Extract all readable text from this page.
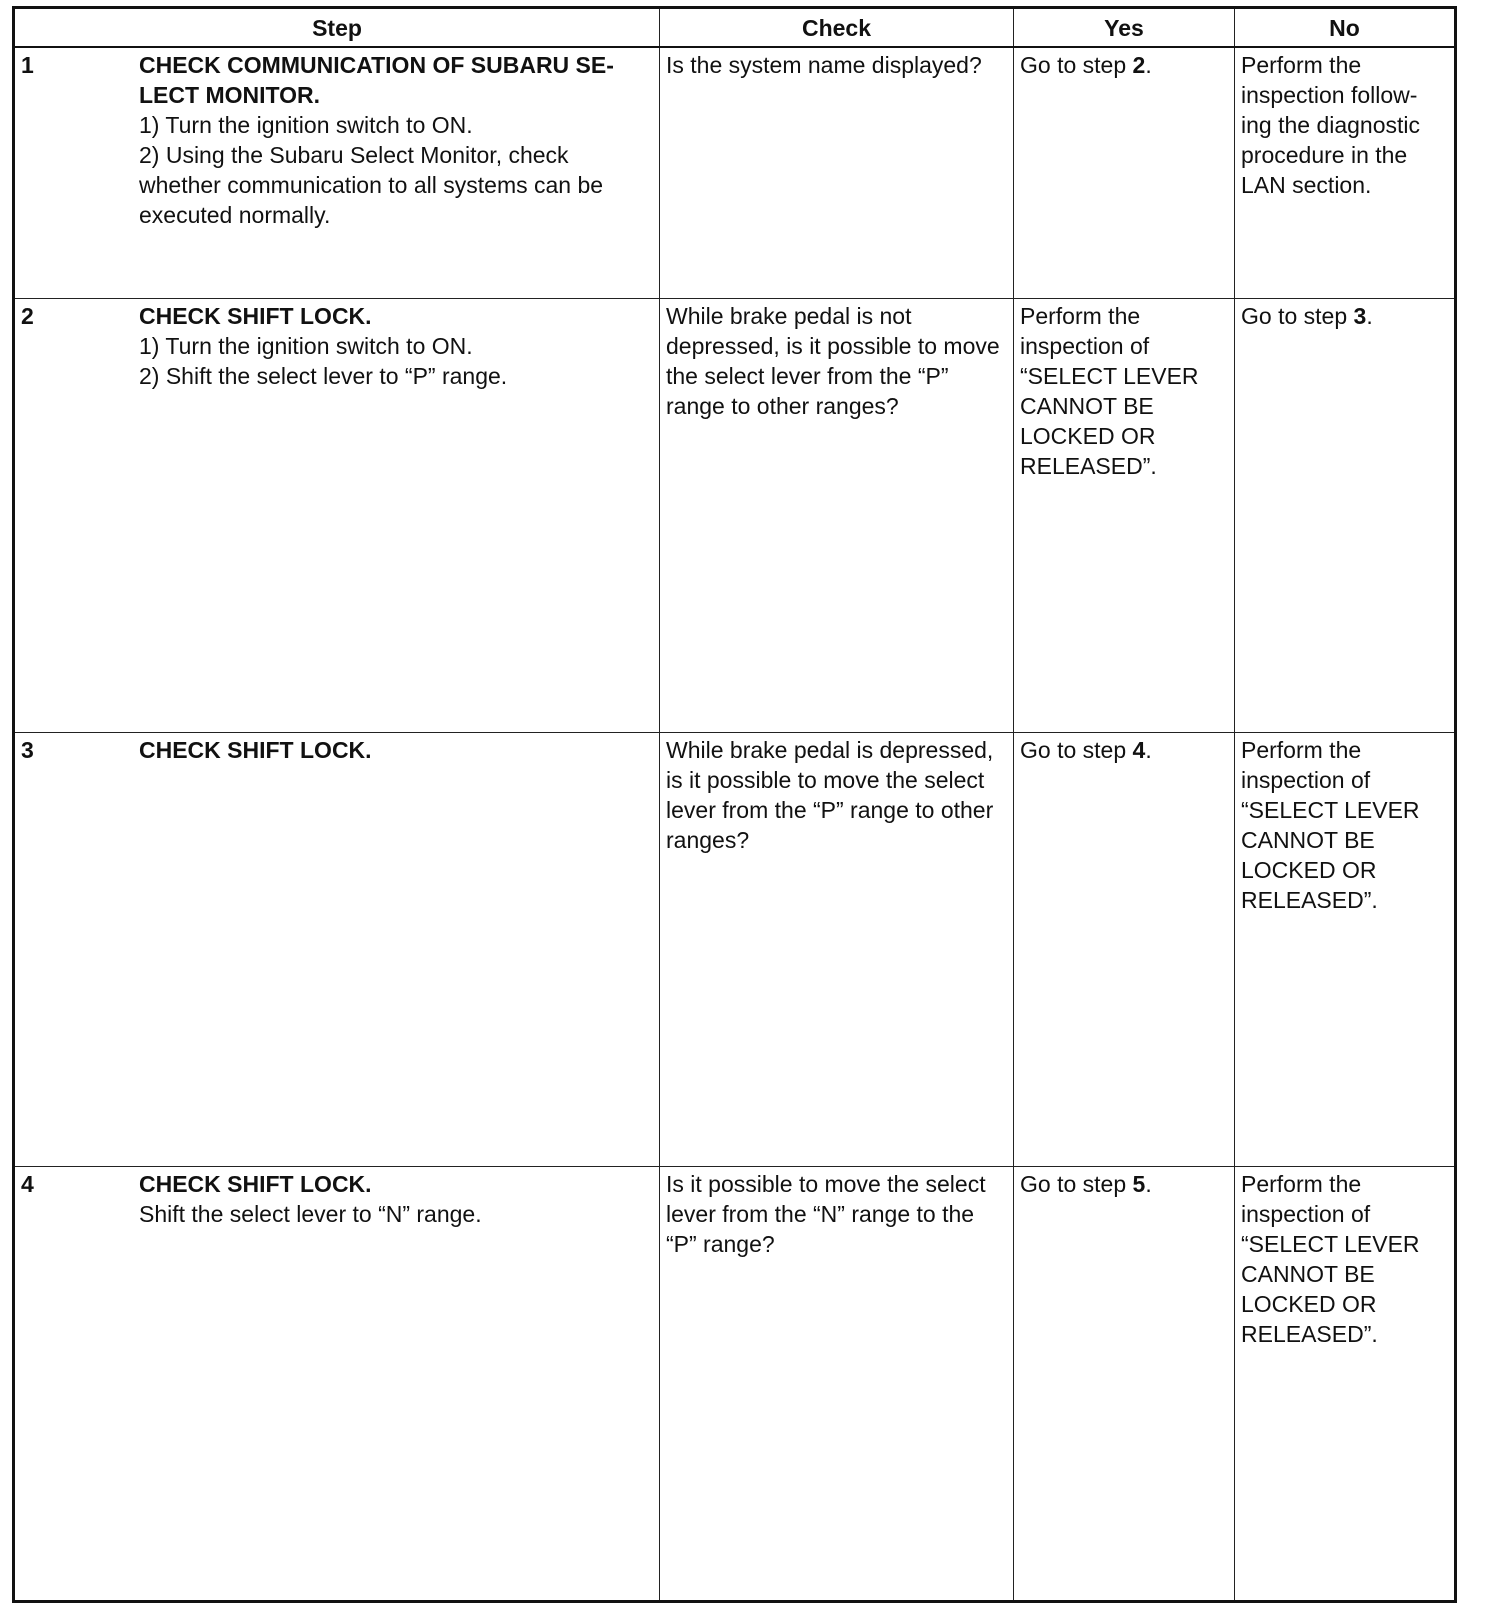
Step	Check	Yes	No

1 CHECK COMMUNICATION OF SUBARU SE-
LECT MONITOR.
1) Turn the ignition switch to ON.
2) Using the Subaru Select Monitor, check whether communication to all systems can be executed normally.	Is the system name displayed?	Go to step 2.	Perform the inspection follow-ing the diagnostic procedure in the LAN section.

2 CHECK SHIFT LOCK.
1) Turn the ignition switch to ON.
2) Shift the select lever to “P” range.	While brake pedal is not depressed, is it possible to move the select lever from the “P” range to other ranges?	Perform the inspection of “SELECT LEVER CANNOT BE LOCKED OR RELEASED”.	Go to step 3.

3 CHECK SHIFT LOCK.	While brake pedal is depressed, is it possible to move the select lever from the “P” range to other ranges?	Go to step 4.	Perform the inspection of “SELECT LEVER CANNOT BE LOCKED OR RELEASED”.

4 CHECK SHIFT LOCK.
Shift the select lever to “N” range.	Is it possible to move the select lever from the “N” range to the “P” range?	Go to step 5.	Perform the inspection of “SELECT LEVER CANNOT BE LOCKED OR RELEASED”.
